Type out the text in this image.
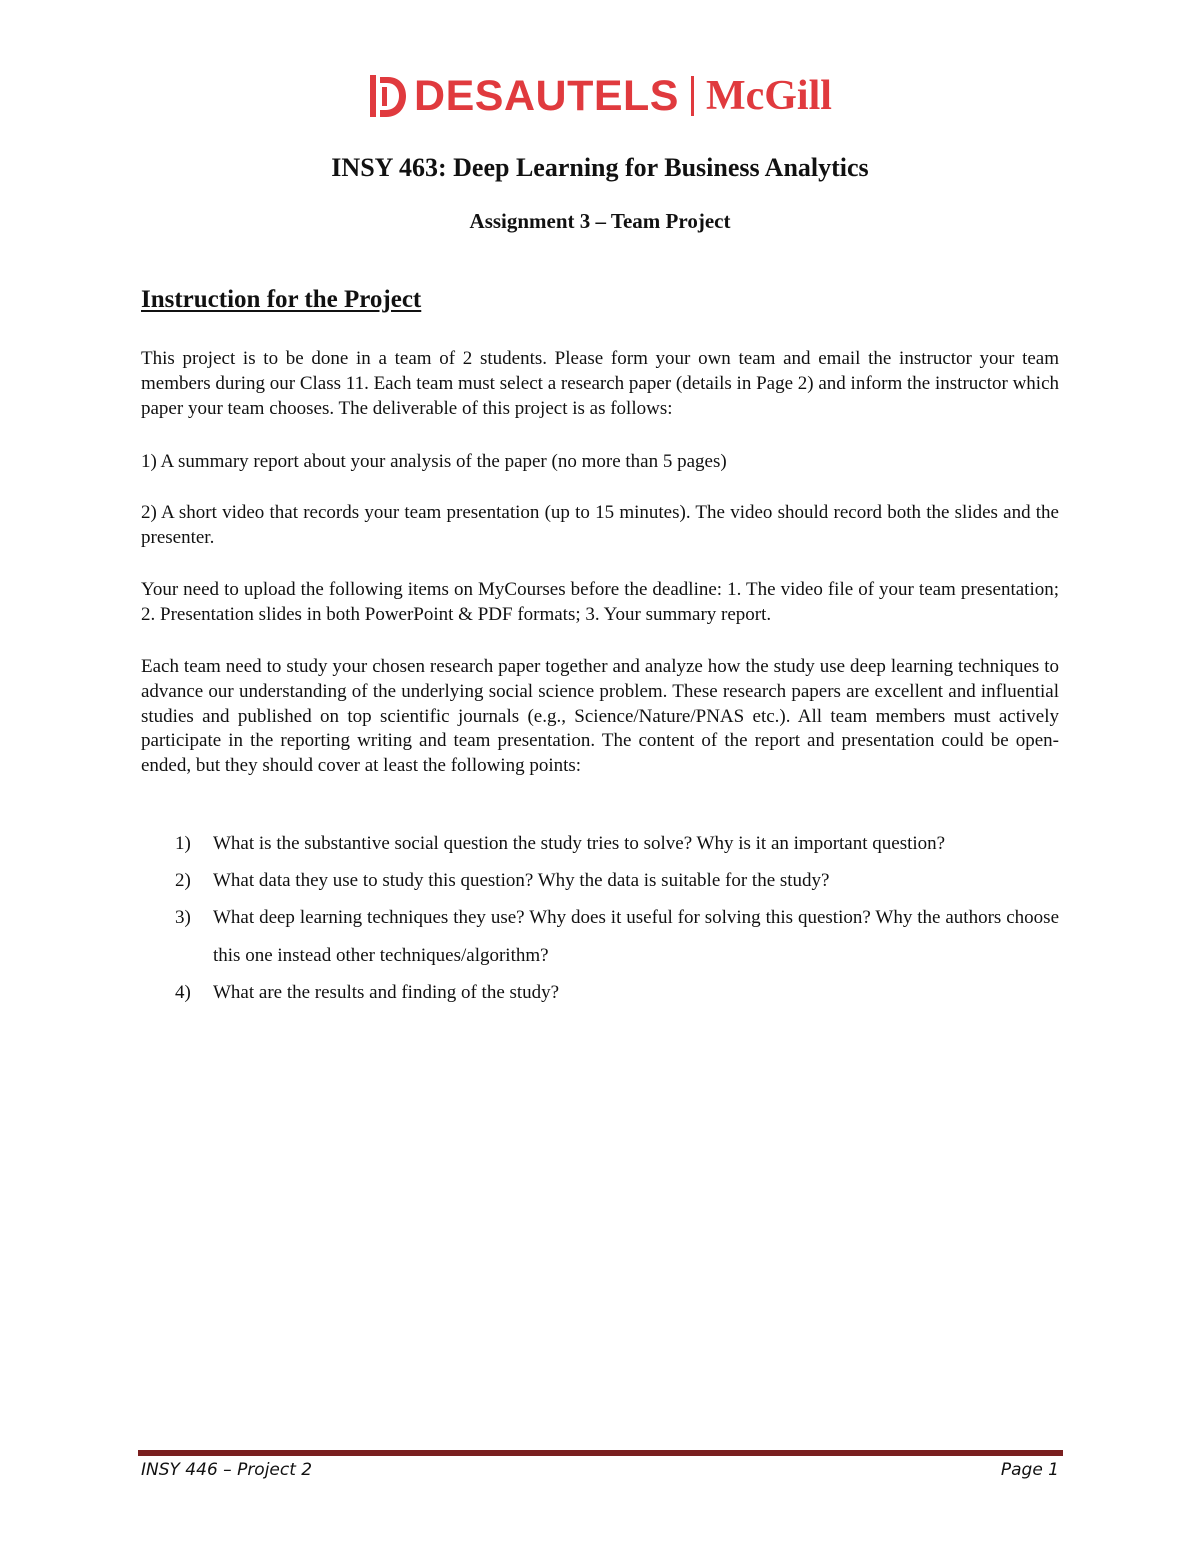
DESAUTELS McGill
INSY 463: Deep Learning for Business Analytics
Assignment 3 – Team Project
Instruction for the Project

This project is to be done in a team of 2 students. Please form your own team and email the instructor your team members during our Class 11. Each team must select a research paper (details in Page 2) and inform the instructor which paper your team chooses. The deliverable of this project is as follows:

1) A summary report about your analysis of the paper (no more than 5 pages)

2) A short video that records your team presentation (up to 15 minutes). The video should record both the slides and the presenter.

Your need to upload the following items on MyCourses before the deadline: 1. The video file of your team presentation; 2. Presentation slides in both PowerPoint & PDF formats; 3. Your summary report.

Each team need to study your chosen research paper together and analyze how the study use deep learning techniques to advance our understanding of the underlying social science problem. These research papers are excellent and influential studies and published on top scientific journals (e.g., Science/Nature/PNAS etc.). All team members must actively participate in the reporting writing and team presentation. The content of the report and presentation could be open-ended, but they should cover at least the following points:

1)	What is the substantive social question the study tries to solve? Why is it an important question?
2)	What data they use to study this question? Why the data is suitable for the study?
3)	What deep learning techniques they use? Why does it useful for solving this question? Why the authors choose this one instead other techniques/algorithm?
4)	What are the results and finding of the study?
INSY 446 – Project 2	Page 1
